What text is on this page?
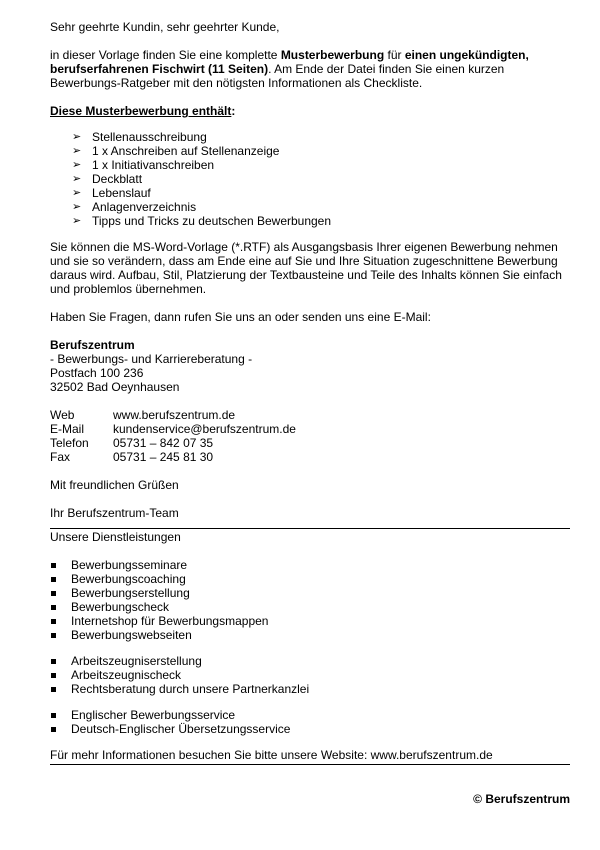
Sehr geehrte Kundin, sehr geehrter Kunde,

in dieser Vorlage finden Sie eine komplette Musterbewerbung für einen ungekündigten, berufserfahrenen Fischwirt (11 Seiten). Am Ende der Datei finden Sie einen kurzen Bewerbungs-Ratgeber mit den nötigsten Informationen als Checkliste.

Diese Musterbewerbung enthält:

➢ Stellenausschreibung
➢ 1 x Anschreiben auf Stellenanzeige
➢ 1 x Initiativanschreiben
➢ Deckblatt
➢ Lebenslauf
➢ Anlagenverzeichnis
➢ Tipps und Tricks zu deutschen Bewerbungen

Sie können die MS-Word-Vorlage (*.RTF) als Ausgangsbasis Ihrer eigenen Bewerbung nehmen und sie so verändern, dass am Ende eine auf Sie und Ihre Situation zugeschnittene Bewerbung daraus wird. Aufbau, Stil, Platzierung der Textbausteine und Teile des Inhalts können Sie einfach und problemlos übernehmen.

Haben Sie Fragen, dann rufen Sie uns an oder senden uns eine E-Mail:

Berufszentrum
- Bewerbungs- und Karriereberatung -
Postfach 100 236
32502 Bad Oeynhausen
Web	www.berufszentrum.de
E-Mail	kundenservice@berufszentrum.de
Telefon	05731 – 842 07 35
Fax	05731 – 245 81 30

Mit freundlichen Grüßen

Ihr Berufszentrum-Team

Unsere Dienstleistungen

Bewerbungsseminare
Bewerbungscoaching
Bewerbungserstellung
Bewerbungscheck
Internetshop für Bewerbungsmappen
Bewerbungswebseiten
Arbeitszeugniserstellung
Arbeitszeugnischeck
Rechtsberatung durch unsere Partnerkanzlei
Englischer Bewerbungsservice
Deutsch-Englischer Übersetzungsservice

Für mehr Informationen besuchen Sie bitte unsere Website: www.berufszentrum.de

© Berufszentrum
